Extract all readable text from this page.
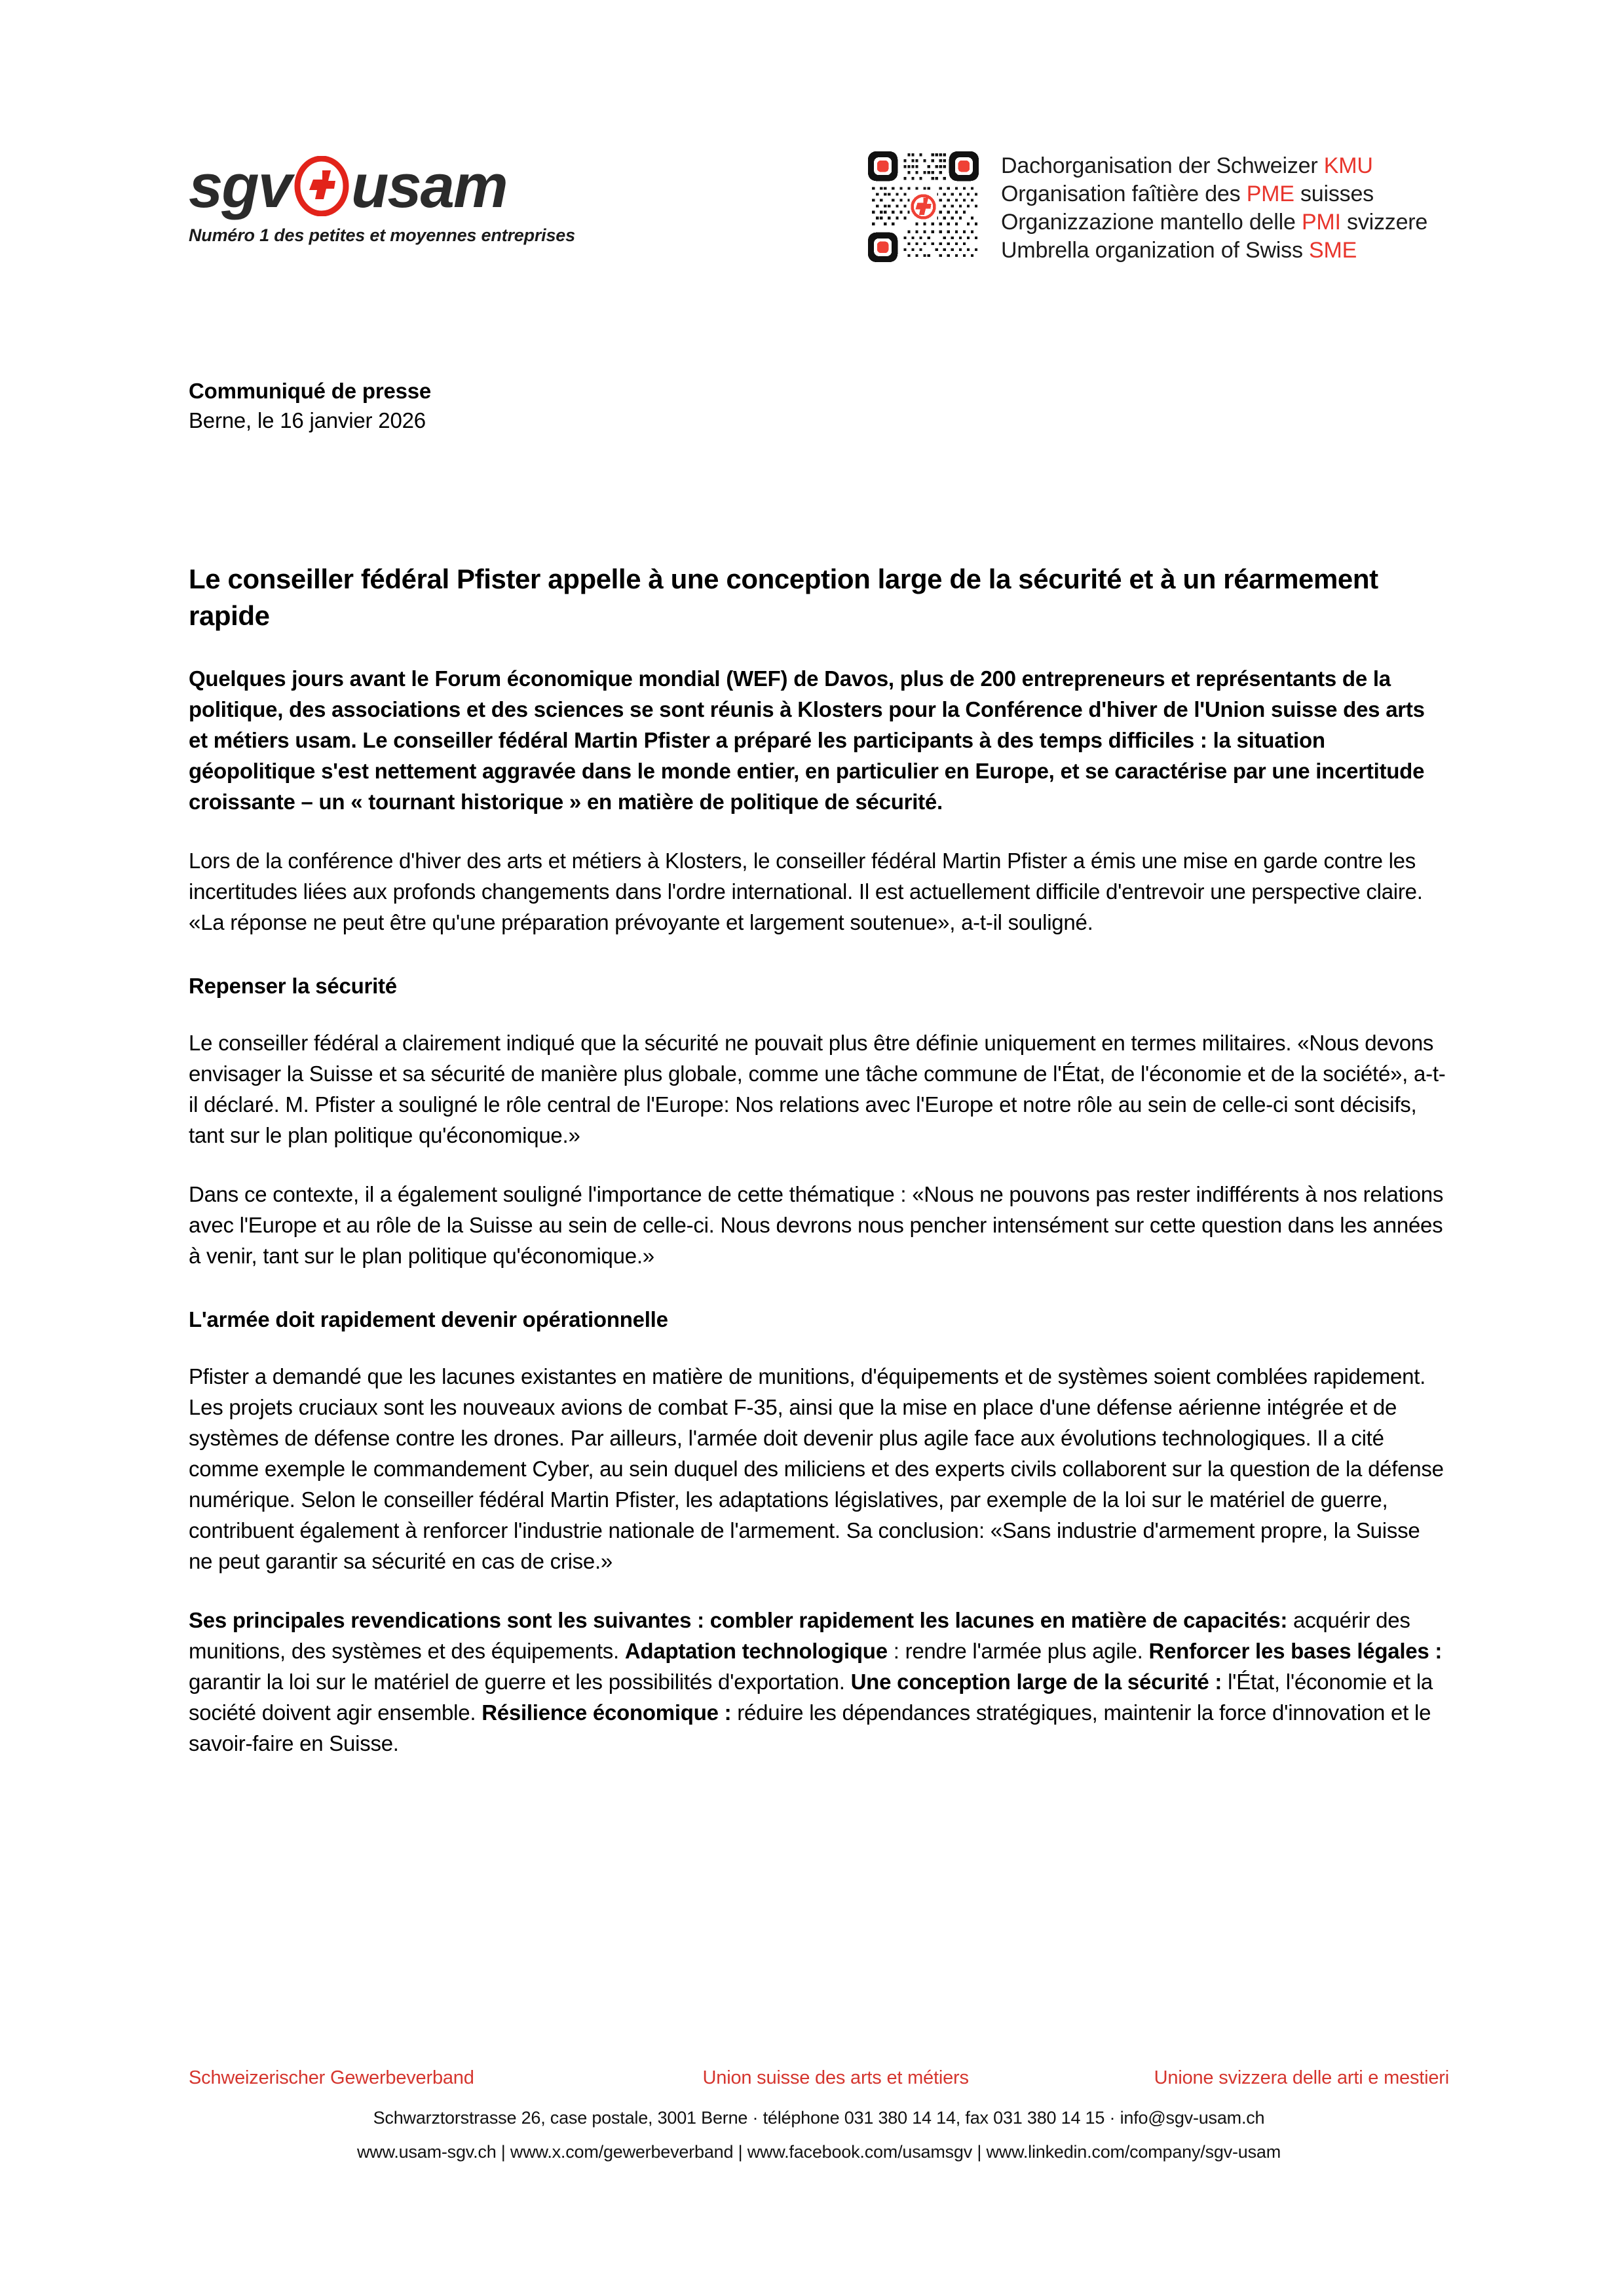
sgv usam
Numéro 1 des petites et moyennes entreprises
Dachorganisation der Schweizer KMU
Organisation faîtière des PME suisses
Organizzazione mantello delle PMI svizzere
Umbrella organization of Swiss SME
Communiqué de presse
Berne, le 16 janvier 2026
Le conseiller fédéral Pfister appelle à une conception large de la sécurité et à un réarmement rapide

Quelques jours avant le Forum économique mondial (WEF) de Davos, plus de 200 entrepreneurs et représentants de la politique, des associations et des sciences se sont réunis à Klosters pour la Conférence d'hiver de l'Union suisse des arts et métiers usam. Le conseiller fédéral Martin Pfister a préparé les participants à des temps difficiles : la situation géopolitique s'est nettement aggravée dans le monde entier, en particulier en Europe, et se caractérise par une incertitude croissante – un « tournant historique » en matière de politique de sécurité.

Lors de la conférence d'hiver des arts et métiers à Klosters, le conseiller fédéral Martin Pfister a émis une mise en garde contre les incertitudes liées aux profonds changements dans l'ordre international. Il est actuellement difficile d'entrevoir une perspective claire. «La réponse ne peut être qu'une préparation prévoyante et largement soutenue», a-t-il souligné.

Repenser la sécurité

Le conseiller fédéral a clairement indiqué que la sécurité ne pouvait plus être définie uniquement en termes militaires. «Nous devons envisager la Suisse et sa sécurité de manière plus globale, comme une tâche commune de l'État, de l'économie et de la société», a-t-il déclaré. M. Pfister a souligné le rôle central de l'Europe: Nos relations avec l'Europe et notre rôle au sein de celle-ci sont décisifs, tant sur le plan politique qu'économique.»

Dans ce contexte, il a également souligné l'importance de cette thématique : «Nous ne pouvons pas rester indifférents à nos relations avec l'Europe et au rôle de la Suisse au sein de celle-ci. Nous devrons nous pencher intensément sur cette question dans les années à venir, tant sur le plan politique qu'économique.»

L'armée doit rapidement devenir opérationnelle

Pfister a demandé que les lacunes existantes en matière de munitions, d'équipements et de systèmes soient comblées rapidement. Les projets cruciaux sont les nouveaux avions de combat F-35, ainsi que la mise en place d'une défense aérienne intégrée et de systèmes de défense contre les drones. Par ailleurs, l'armée doit devenir plus agile face aux évolutions technologiques. Il a cité comme exemple le commandement Cyber, au sein duquel des miliciens et des experts civils collaborent sur la question de la défense numérique. Selon le conseiller fédéral Martin Pfister, les adaptations législatives, par exemple de la loi sur le matériel de guerre, contribuent également à renforcer l'industrie nationale de l'armement. Sa conclusion: «Sans industrie d'armement propre, la Suisse ne peut garantir sa sécurité en cas de crise.»

Ses principales revendications sont les suivantes : combler rapidement les lacunes en matière de capacités: acquérir des munitions, des systèmes et des équipements. Adaptation technologique : rendre l'armée plus agile. Renforcer les bases légales : garantir la loi sur le matériel de guerre et les possibilités d'exportation. Une conception large de la sécurité : l'État, l'économie et la société doivent agir ensemble. Résilience économique : réduire les dépendances stratégiques, maintenir la force d'innovation et le savoir-faire en Suisse.

Schweizerischer Gewerbeverband	Union suisse des arts et métiers	Unione svizzera delle arti e mestieri
Schwarztorstrasse 26, case postale, 3001 Berne · téléphone 031 380 14 14, fax 031 380 14 15 · info@sgv-usam.ch
www.usam-sgv.ch | www.x.com/gewerbeverband | www.facebook.com/usamsgv | www.linkedin.com/company/sgv-usam
